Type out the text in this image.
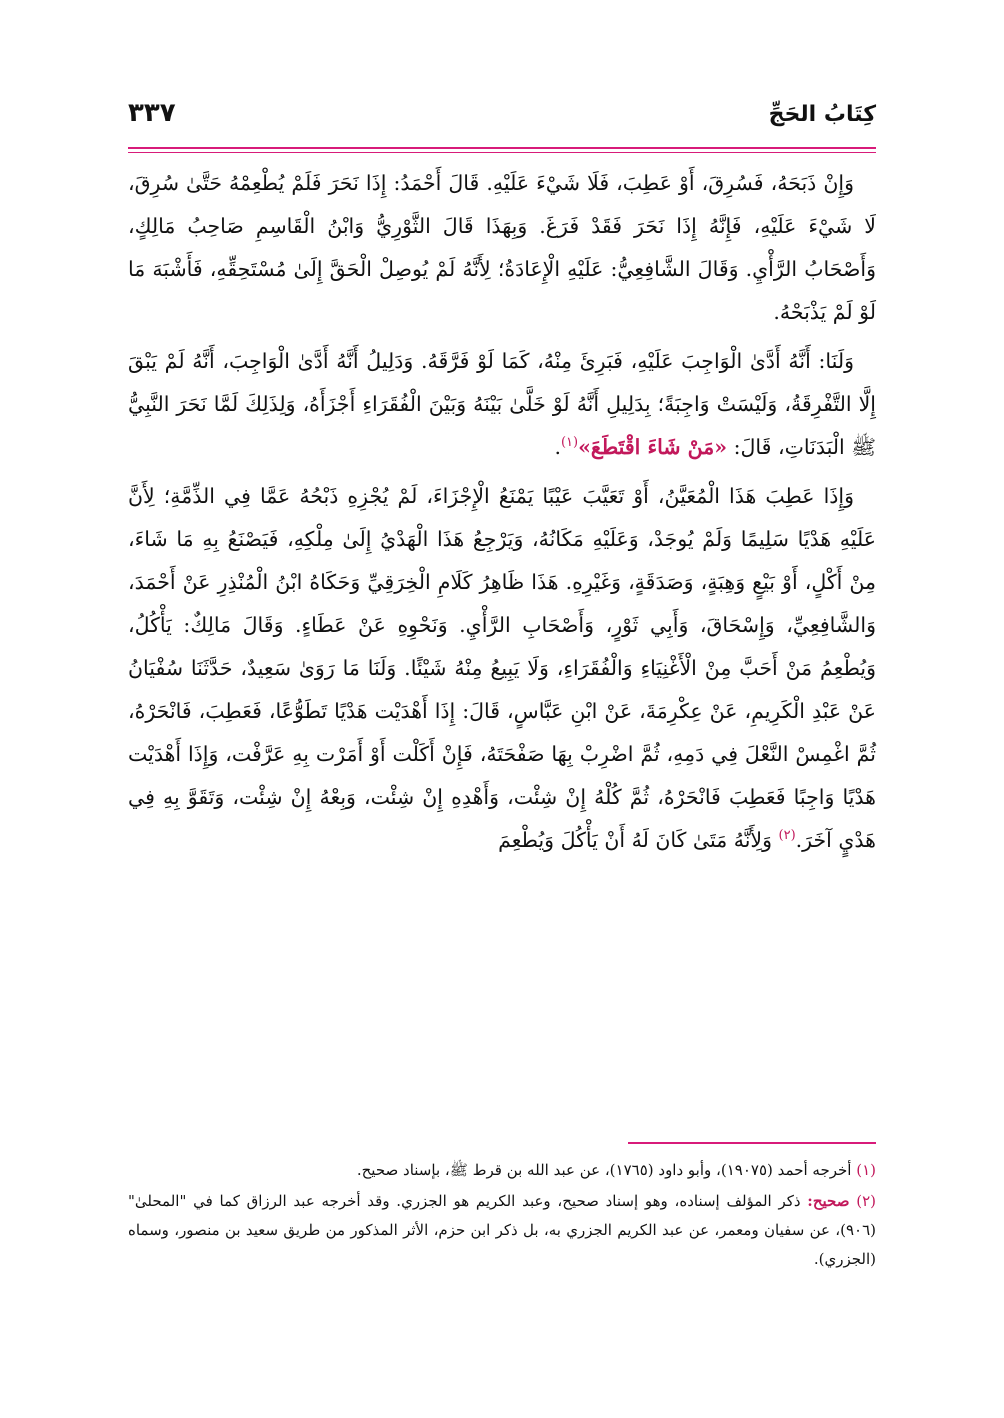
كِتَابُ الحَجِّ
٣٣٧

وَإِنْ ذَبَحَهُ، فَسُرِقَ، أَوْ عَطِبَ، فَلَا شَيْءَ عَلَيْهِ. قَالَ أَحْمَدُ: إِذَا نَحَرَ فَلَمْ يُطْعِمْهُ حَتَّىٰ سُرِقَ، لَا شَيْءَ عَلَيْهِ، فَإِنَّهُ إِذَا نَحَرَ فَقَدْ فَرَغَ. وَبِهَذَا قَالَ الثَّوْرِيُّ وَابْنُ الْقَاسِمِ صَاحِبُ مَالِكٍ، وَأَصْحَابُ الرَّأْيِ. وَقَالَ الشَّافِعِيُّ: عَلَيْهِ الْإِعَادَةُ؛ لِأَنَّهُ لَمْ يُوصِلْ الْحَقَّ إِلَىٰ مُسْتَحِقِّهِ، فَأَشْبَهَ مَا لَوْ لَمْ يَذْبَحْهُ.

وَلَنَا: أَنَّهُ أَدَّىٰ الْوَاجِبَ عَلَيْهِ، فَبَرِئَ مِنْهُ، كَمَا لَوْ فَرَّقَهُ. وَدَلِيلُ أَنَّهُ أَدَّىٰ الْوَاجِبَ، أَنَّهُ لَمْ يَبْقَ إِلَّا التَّفْرِقَةُ، وَلَيْسَتْ وَاجِبَةً؛ بِدَلِيلِ أَنَّهُ لَوْ خَلَّىٰ بَيْنَهُ وَبَيْنَ الْفُقَرَاءِ أَجْزَأَهُ، وَلِذَلِكَ لَمَّا نَحَرَ النَّبِيُّ ﷺ الْبَدَنَاتِ، قَالَ: «مَنْ شَاءَ اقْتَطَعَ»$^{(١)}$.

وَإِذَا عَطِبَ هَذَا الْمُعَيَّنُ، أَوْ تَعَيَّبَ عَيْبًا يَمْنَعُ الْإِجْزَاءَ، لَمْ يُجْزِهِ ذَبْحُهُ عَمَّا فِي الذِّمَّةِ؛ لِأَنَّ عَلَيْهِ هَدْيًا سَلِيمًا وَلَمْ يُوجَدْ، وَعَلَيْهِ مَكَانُهُ، وَيَرْجِعُ هَذَا الْهَدْيُ إِلَىٰ مِلْكِهِ، فَيَصْنَعُ بِهِ مَا شَاءَ، مِنْ أَكْلٍ، أَوْ بَيْعٍ وَهِبَةٍ، وَصَدَقَةٍ، وَغَيْرِهِ. هَذَا ظَاهِرُ كَلَامِ الْخِرَقِيِّ وَحَكَاهُ ابْنُ الْمُنْذِرِ عَنْ أَحْمَدَ، وَالشَّافِعِيِّ، وَإِسْحَاقَ، وَأَبِي ثَوْرٍ، وَأَصْحَابِ الرَّأْيِ. وَنَحْوِهِ عَنْ عَطَاءٍ. وَقَالَ مَالِكٌ: يَأْكُلُ، وَيُطْعِمُ مَنْ أَحَبَّ مِنْ الْأَغْنِيَاءِ وَالْفُقَرَاءِ، وَلَا يَبِيعُ مِنْهُ شَيْئًا. وَلَنَا مَا رَوَىٰ سَعِيدٌ، حَدَّثَنَا سُفْيَانُ عَنْ عَبْدِ الْكَرِيمِ، عَنْ عِكْرِمَةَ، عَنْ ابْنِ عَبَّاسٍ، قَالَ: إِذَا أَهْدَيْت هَدْيًا تَطَوُّعًا، فَعَطِبَ، فَانْحَرْهُ، ثُمَّ اغْمِسْ النَّعْلَ فِي دَمِهِ، ثُمَّ اضْرِبْ بِهَا صَفْحَتَهُ، فَإِنْ أَكَلْت أَوْ أَمَرْت بِهِ عَرَّفْت، وَإِذَا أَهْدَيْت هَدْيًا وَاجِبًا فَعَطِبَ فَانْحَرْهُ، ثُمَّ كُلْهُ إِنْ شِئْت، وَأَهْدِهِ إِنْ شِئْت، وَبِعْهُ إِنْ شِئْت، وَتَقَوَّ بِهِ فِي هَدْيٍ آخَرَ.$^{(٢)}$ وَلِأَنَّهُ مَتَىٰ كَانَ لَهُ أَنْ يَأْكُلَ وَيُطْعِمَ

(١) أخرجه أحمد (١٩٠٧٥)، وأبو داود (١٧٦٥)، عن عبد الله بن قرط ﷺ، بإسناد صحيح.

(٢) صحيح: ذكر المؤلف إسناده، وهو إسناد صحيح، وعبد الكريم هو الجزري. وقد أخرجه عبد الرزاق كما في "المحلىٰ" (٩٠٦)، عن سفيان ومعمر، عن عبد الكريم الجزري به، بل ذكر ابن حزم، الأثر المذكور من طريق سعيد بن منصور، وسماه (الجزري).
